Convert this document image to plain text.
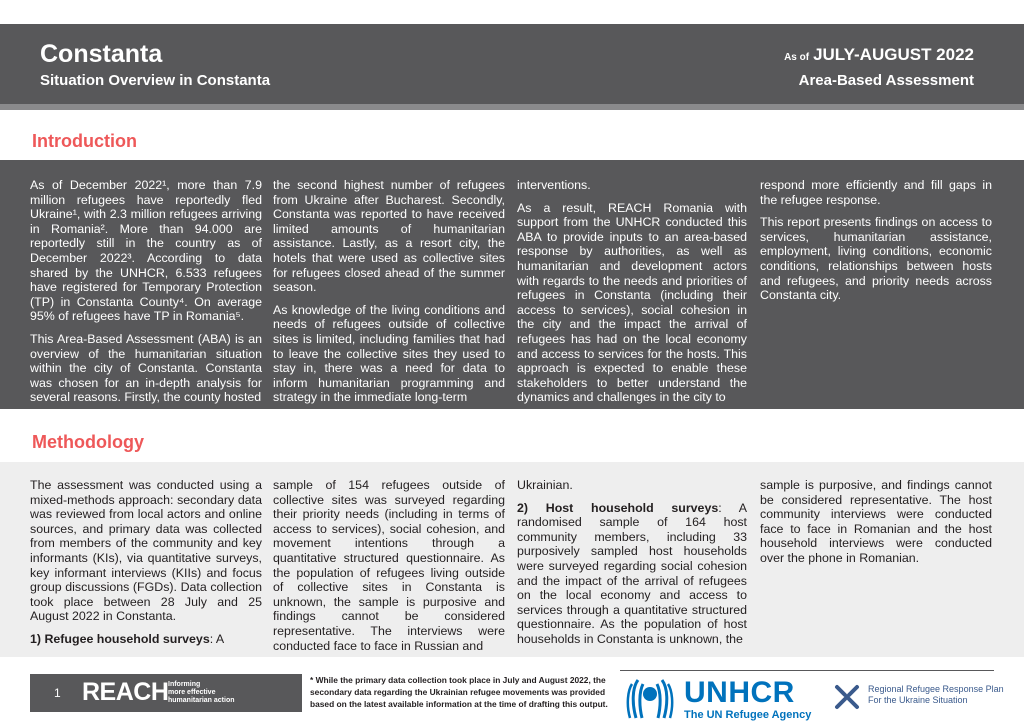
Constanta
Situation Overview in Constanta
As of JULY-AUGUST 2022
Area-Based Assessment
Introduction

As of December 2022¹, more than 7.9 million refugees have reportedly fled Ukraine¹, with 2.3 million refugees arriving in Romania². More than 94.000 are reportedly still in the country as of December 2022³. According to data shared by the UNHCR, 6.533 refugees have registered for Temporary Protection (TP) in Constanta County⁴. On average 95% of refugees have TP in Romania⁵.

This Area-Based Assessment (ABA) is an overview of the humanitarian situation within the city of Constanta. Constanta was chosen for an in-depth analysis for several reasons. Firstly, the county hosted

the second highest number of refugees from Ukraine after Bucharest. Secondly, Constanta was reported to have received limited amounts of humanitarian assistance. Lastly, as a resort city, the hotels that were used as collective sites for refugees closed ahead of the summer season.

As knowledge of the living conditions and needs of refugees outside of collective sites is limited, including families that had to leave the collective sites they used to stay in, there was a need for data to inform humanitarian programming and strategy in the immediate long-term

interventions.

As a result, REACH Romania with support from the UNHCR conducted this ABA to provide inputs to an area-based response by authorities, as well as humanitarian and development actors with regards to the needs and priorities of refugees in Constanta (including their access to services), social cohesion in the city and the impact the arrival of refugees has had on the local economy and access to services for the hosts. This approach is expected to enable these stakeholders to better understand the dynamics and challenges in the city to

respond more efficiently and fill gaps in the refugee response.

This report presents findings on access to services, humanitarian assistance, employment, living conditions, economic conditions, relationships between hosts and refugees, and priority needs across Constanta city.

Methodology

The assessment was conducted using a mixed-methods approach: secondary data was reviewed from local actors and online sources, and primary data was collected from members of the community and key informants (KIs), via quantitative surveys, key informant interviews (KIIs) and focus group discussions (FGDs). Data collection took place between 28 July and 25 August 2022 in Constanta.

1) Refugee household surveys: A

sample of 154 refugees outside of collective sites was surveyed regarding their priority needs (including in terms of access to services), social cohesion, and movement intentions through a quantitative structured questionnaire. As the population of refugees living outside of collective sites in Constanta is unknown, the sample is purposive and findings cannot be considered representative. The interviews were conducted face to face in Russian and

Ukrainian.

2) Host household surveys: A randomised sample of 164 host community members, including 33 purposively sampled host households were surveyed regarding social cohesion and the impact of the arrival of refugees on the local economy and access to services through a quantitative structured questionnaire. As the population of host households in Constanta is unknown, the

sample is purposive, and findings cannot be considered representative. The host community interviews were conducted face to face in Romanian and the host household interviews were conducted over the phone in Romanian.

1 REACH Informing
more effective
humanitarian action
* While the primary data collection took place in July and August 2022, the secondary data regarding the Ukrainian refugee movements was provided based on the latest available information at the time of drafting this output.	UNHCR
The UN Refugee Agency
Regional Refugee Response Plan
For the Ukraine Situation
